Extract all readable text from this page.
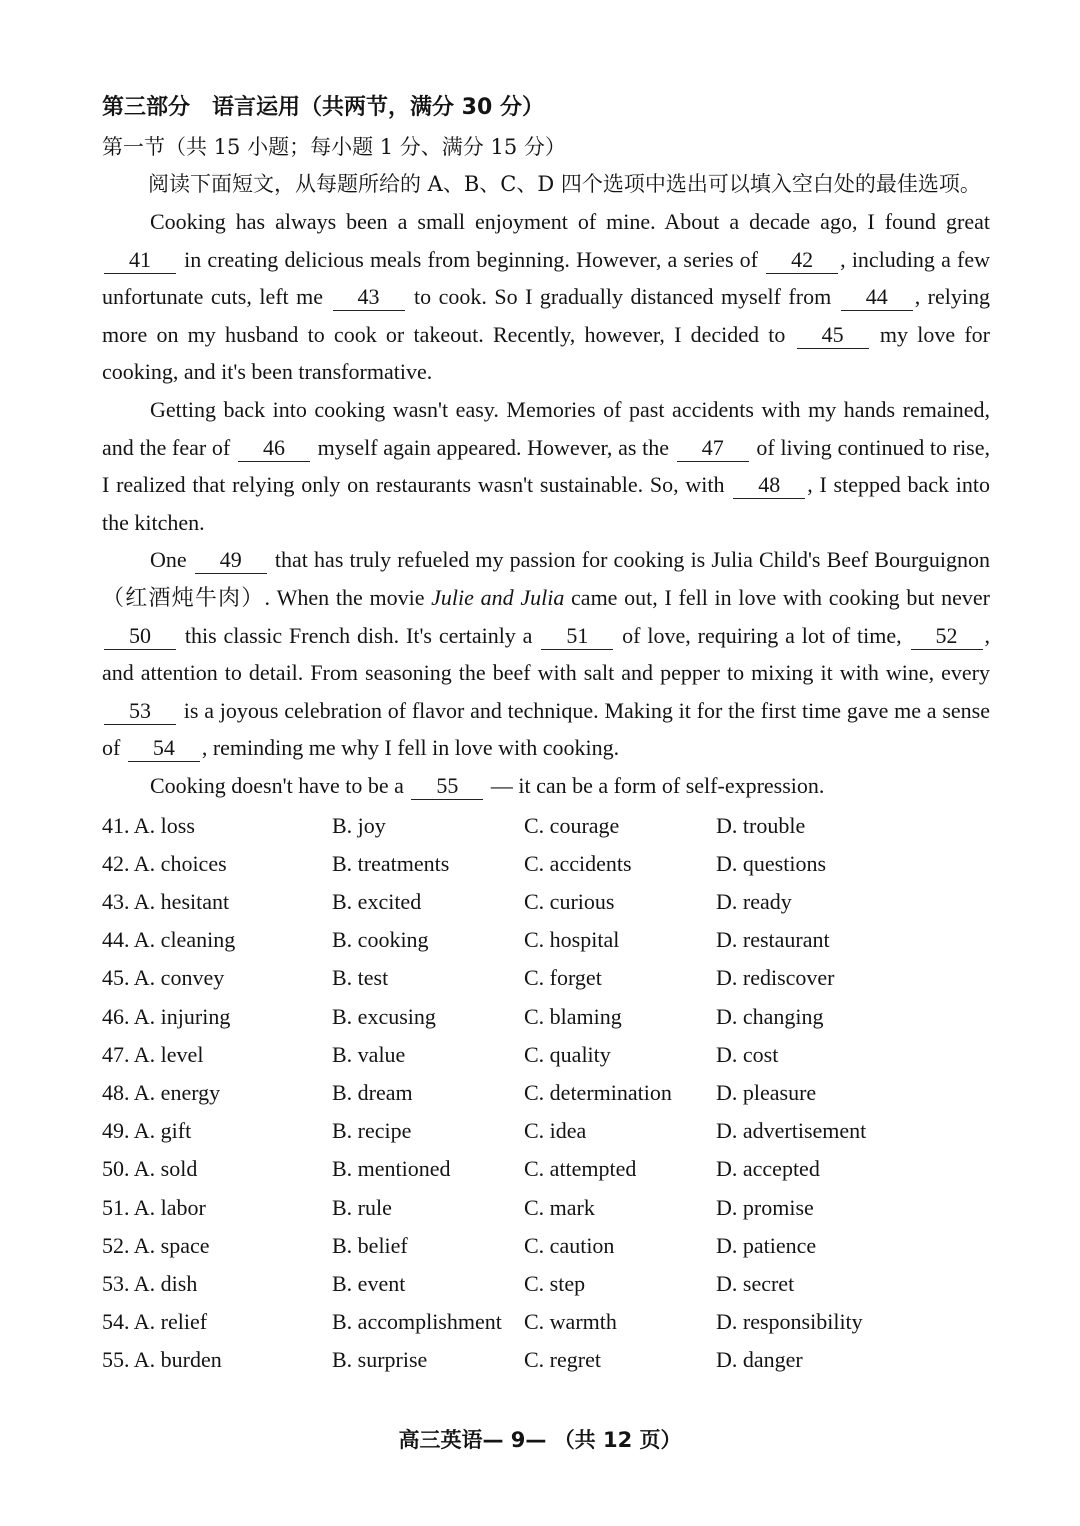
第三部分 语言运用（共两节，满分 30 分）
第一节（共 15 小题；每小题 1 分、满分 15 分）

阅读下面短文，从每题所给的 A、B、C、D 四个选项中选出可以填入空白处的最佳选项。

Cooking has always been a small enjoyment of mine. About a decade ago, I found great 41 in creating delicious meals from beginning. However, a series of 42 , including a few unfortunate cuts, left me 43 to cook. So I gradually distanced myself from 44 , relying more on my husband to cook or takeout. Recently, however, I decided to 45 my love for cooking, and it's been transformative.

Getting back into cooking wasn't easy. Memories of past accidents with my hands remained, and the fear of 46 myself again appeared. However, as the 47 of living continued to rise, I realized that relying only on restaurants wasn't sustainable. So, with 48 , I stepped back into the kitchen.

One 49 that has truly refueled my passion for cooking is Julia Child's Beef Bourguignon（红酒炖牛肉）. When the movie Julie and Julia came out, I fell in love with cooking but never 50 this classic French dish. It's certainly a 51 of love, requiring a lot of time, 52 , and attention to detail. From seasoning the beef with salt and pepper to mixing it with wine, every 53 is a joyous celebration of flavor and technique. Making it for the first time gave me a sense of 54 , reminding me why I fell in love with cooking.

Cooking doesn't have to be a 55 — it can be a form of self-expression.

41. A. loss	B. joy	C. courage	D. trouble
42. A. choices	B. treatments	C. accidents	D. questions
43. A. hesitant	B. excited	C. curious	D. ready
44. A. cleaning	B. cooking	C. hospital	D. restaurant
45. A. convey	B. test	C. forget	D. rediscover
46. A. injuring	B. excusing	C. blaming	D. changing
47. A. level	B. value	C. quality	D. cost
48. A. energy	B. dream	C. determination	D. pleasure
49. A. gift	B. recipe	C. idea	D. advertisement
50. A. sold	B. mentioned	C. attempted	D. accepted
51. A. labor	B. rule	C. mark	D. promise
52. A. space	B. belief	C. caution	D. patience
53. A. dish	B. event	C. step	D. secret
54. A. relief	B. accomplishment	C. warmth	D. responsibility
55. A. burden	B. surprise	C. regret	D. danger
高三英语— 9— （共 12 页）
